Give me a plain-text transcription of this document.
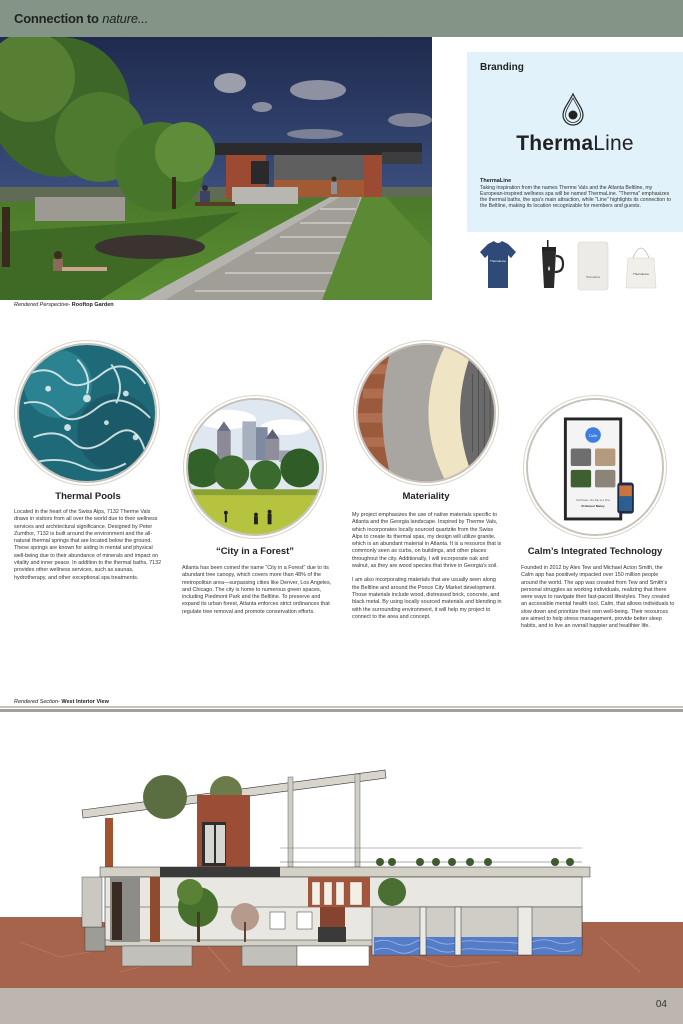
Connection to nature...
Rendered Perspective- Rooftop Garden
Branding
ThermaLine
ThermaLine
Taking inspiration from the names Therme Vals and the Atlanta Beltline, my European-inspired wellness spa will be named ThermaLine. "Therma" emphasizes the thermal baths, the spa's main attraction, while "Line" highlights its connection to the Beltline, making its location recognizable for members and guests.
ThermaLine
ThermaLine
ThermaLine
Thermal Pools

Located in the heart of the Swiss Alps, 7132 Therme Vals draws in visitors from all over the world due to their wellness services and architectural significance. Designed by Peter Zumthor, 7132 is built around the environment and the all-natural thermal springs that are located below the ground. These springs are known for aiding in mental and physical well-being due to their abundance of minerals and impact on vitality and inner peace. In addition to the thermal baths, 7132 provides other wellness services, such as saunas, hydrotherapy, and other exceptional spa treatments.

“City in a Forest”

Atlanta has been coined the name "City in a Forest" due to its abundant tree canopy, which covers more than 48% of the metropolitan area—surpassing cities like Denver, Los Angeles, and Chicago. The city is home to numerous green spaces, including Piedmont Park and the Beltline. To preserve and expand its urban forest, Atlanta enforces strict ordinances that regulate tree removal and promote conservation efforts.

Materiality

My project emphasizes the use of native materials specific to Atlanta and the Georgia landscape. Inspired by Therme Vals, which incorporates locally sourced quartzite from the Swiss Alps to create its thermal spas, my design will utilize granite, which is an abundant material in Atlanta. It is a resource that is commonly seen as curbs, on buildings, and other places throughout the city. Additionally, I will incorporate oak and walnut, as they are wood species that thrive in Georgia's soil.

I am also incorporating materials that are usually seen along the Beltline and around the Ponce City Market development. Those materials include wood, distressed brick, concrete, and black metal. By using locally sourced materials and blending in with the surrounding environment, it will help my project to connect to the area and concept.

Calm
Find Peace, One Day at a Time
Professor Nancy
Calm’s Integrated Technology

Founded in 2012 by Alex Tew and Michael Acton Smith, the Calm app has positively impacted over 150 million people around the world. The app was created from Tew and Smith's personal struggles as working individuals, realizing that there were ways to navigate their fast-paced lifestyles. They created an accessible mental health tool, Calm, that allows individuals to slow down and prioritize their own well-being. Their resources are aimed to help stress management, provide better sleep habits, and to live an overall happier and healthier life.

Rendered Section- West Interior View
04
